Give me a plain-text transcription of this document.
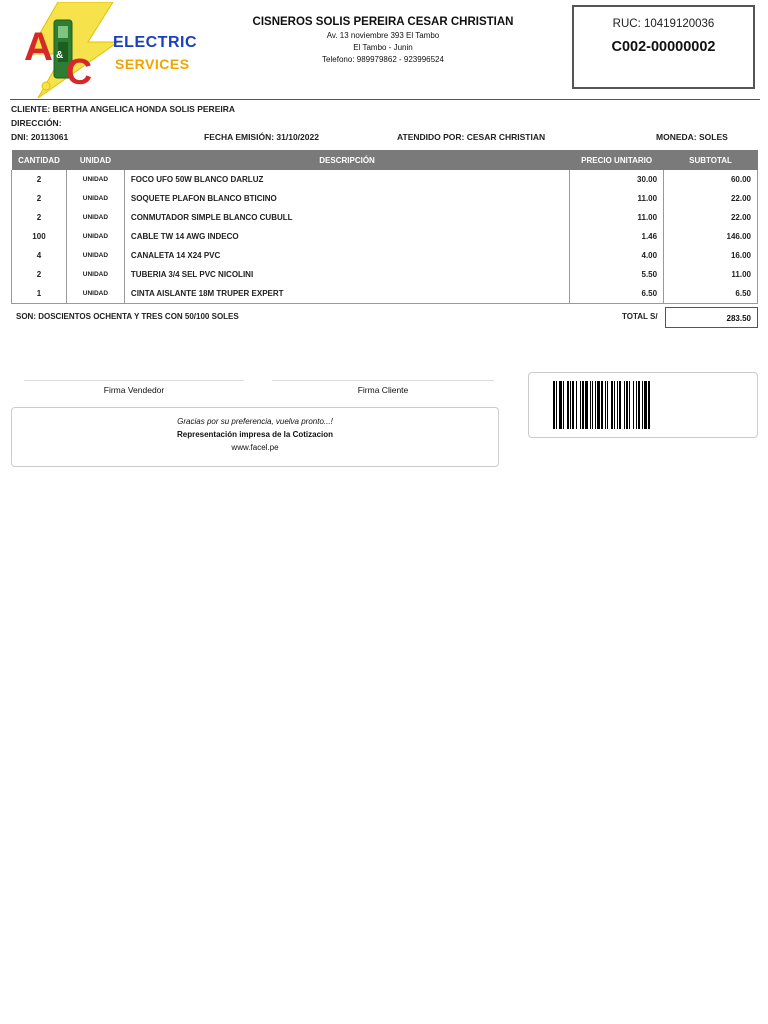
A & C
ELECTRIC
SERVICES
CISNEROS SOLIS PEREIRA CESAR CHRISTIAN
Av. 13 noviembre 393 El Tambo
El Tambo - Junin
Telefono: 989979862 - 923996524
RUC: 10419120036
C002-00000002
CLIENTE: BERTHA ANGELICA HONDA SOLIS PEREIRA
DIRECCIÓN:
DNI: 20113061	FECHA EMISIÓN: 31/10/2022	ATENDIDO POR: CESAR CHRISTIAN	MONEDA: SOLES
CANTIDAD	UNIDAD	DESCRIPCIÓN	PRECIO UNITARIO	SUBTOTAL
2	UNIDAD	FOCO UFO 50W BLANCO DARLUZ	30.00	60.00
2	UNIDAD	SOQUETE PLAFON BLANCO BTICINO	11.00	22.00
2	UNIDAD	CONMUTADOR SIMPLE BLANCO CUBULL	11.00	22.00
100	UNIDAD	CABLE TW 14 AWG INDECO	1.46	146.00
4	UNIDAD	CANALETA 14 X24 PVC	4.00	16.00
2	UNIDAD	TUBERIA 3/4 SEL PVC NICOLINI	5.50	11.00
1	UNIDAD	CINTA AISLANTE 18M TRUPER EXPERT	6.50	6.50
SON: DOSCIENTOS OCHENTA Y TRES CON 50/100 SOLES	TOTAL S/	283.50
Firma Vendedor	Firma Cliente
Gracias por su preferencia, vuelva pronto...!
Representación impresa de la Cotizacion
www.facel.pe
